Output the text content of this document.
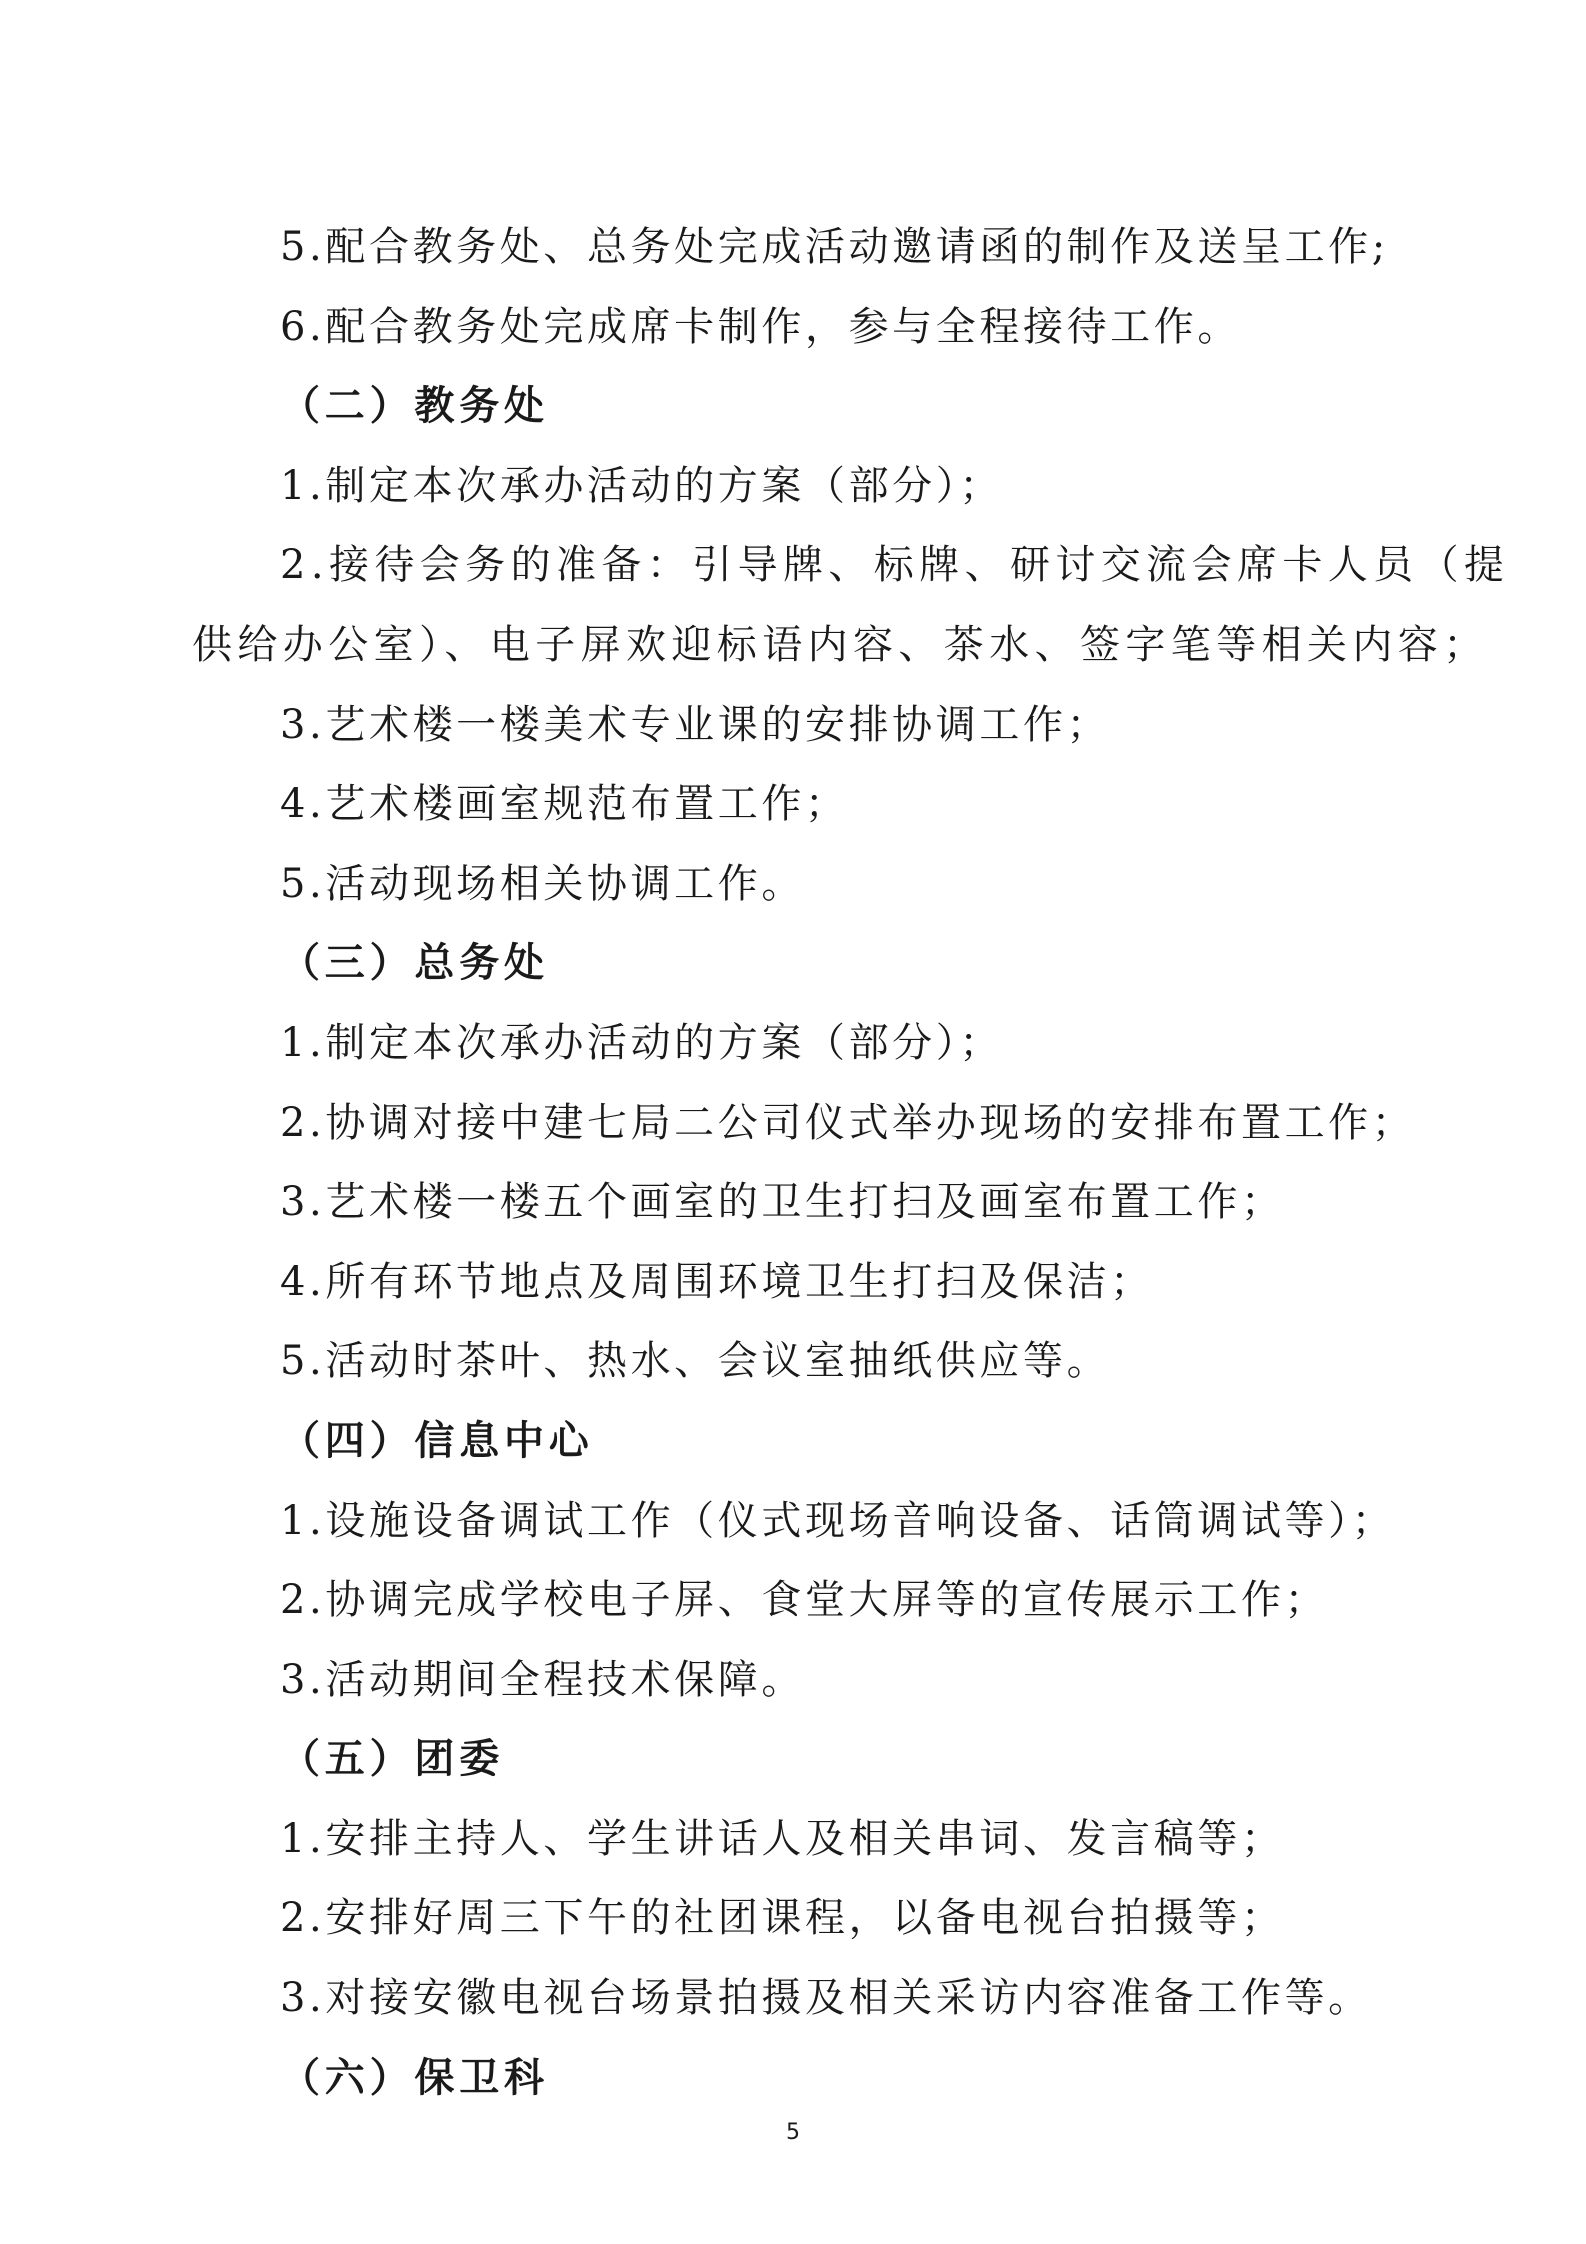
5.配合教务处、总务处完成活动邀请函的制作及送呈工作;
6.配合教务处完成席卡制作，参与全程接待工作。
（二）教务处
1.制定本次承办活动的方案（部分）；
2.接待会务的准备：引导牌、标牌、研讨交流会席卡人员（提
供给办公室）、电子屏欢迎标语内容、茶水、签字笔等相关内容；
3.艺术楼一楼美术专业课的安排协调工作；
4.艺术楼画室规范布置工作；
5.活动现场相关协调工作。
（三）总务处
1.制定本次承办活动的方案（部分）；
2.协调对接中建七局二公司仪式举办现场的安排布置工作；
3.艺术楼一楼五个画室的卫生打扫及画室布置工作；
4.所有环节地点及周围环境卫生打扫及保洁；
5.活动时茶叶、热水、会议室抽纸供应等。
（四）信息中心
1.设施设备调试工作（仪式现场音响设备、话筒调试等）；
2.协调完成学校电子屏、食堂大屏等的宣传展示工作；
3.活动期间全程技术保障。
（五）团委
1.安排主持人、学生讲话人及相关串词、发言稿等；
2.安排好周三下午的社团课程，以备电视台拍摄等；
3.对接安徽电视台场景拍摄及相关采访内容准备工作等。
（六）保卫科
5
